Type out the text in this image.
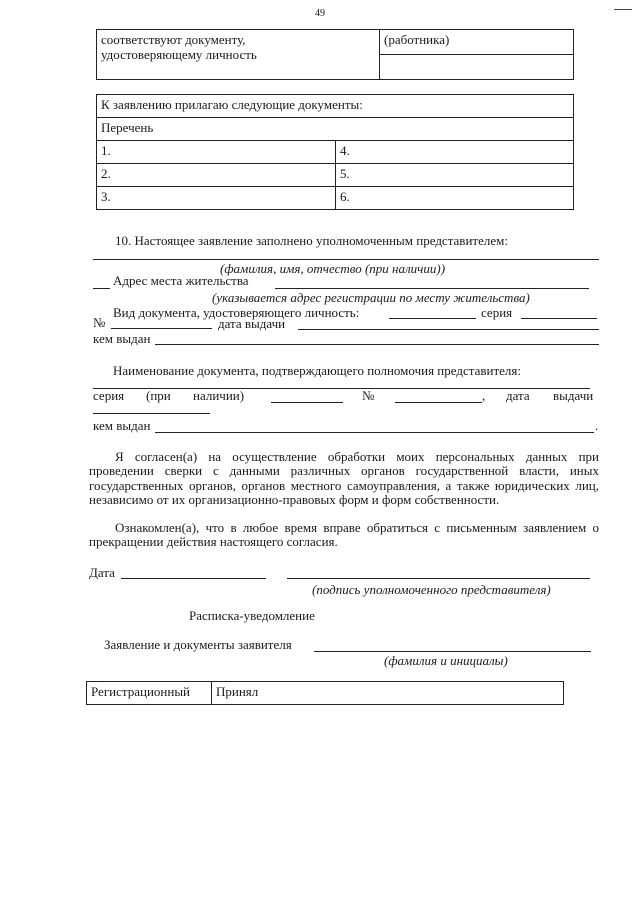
49
соответствуют документу,
удостоверяющему личность
	(работника)

К заявлению прилагаю следующие документы:	
Перечень	
1.	4.
2.	5.
3.	6.
10. Настоящее заявление заполнено уполномоченным представителем:
(фамилия, имя, отчество (при наличии))
Адрес места жительства
(указывается адрес регистрации по месту жительства)
Вид документа, удостоверяющего личность:	серия
№	дата выдачи
кем выдан
Наименование документа, подтверждающего полномочия представителя:
серия (при наличии)	№	, дата выдачи
кем выдан	.
Я согласен(а) на осуществление обработки моих персональных данных при проведении сверки с данными различных органов государственной власти, иных государственных органов, органов местного самоуправления, а также юридических лиц, независимо от их организационно-правовых форм и форм собственности.
Ознакомлен(а), что в любое время вправе обратиться с письменным заявлением о прекращении действия настоящего согласия.
Дата
(подпись уполномоченного представителя)
Расписка-уведомление
Заявление и документы заявителя
(фамилия и инициалы)
Регистрационный	Принял
